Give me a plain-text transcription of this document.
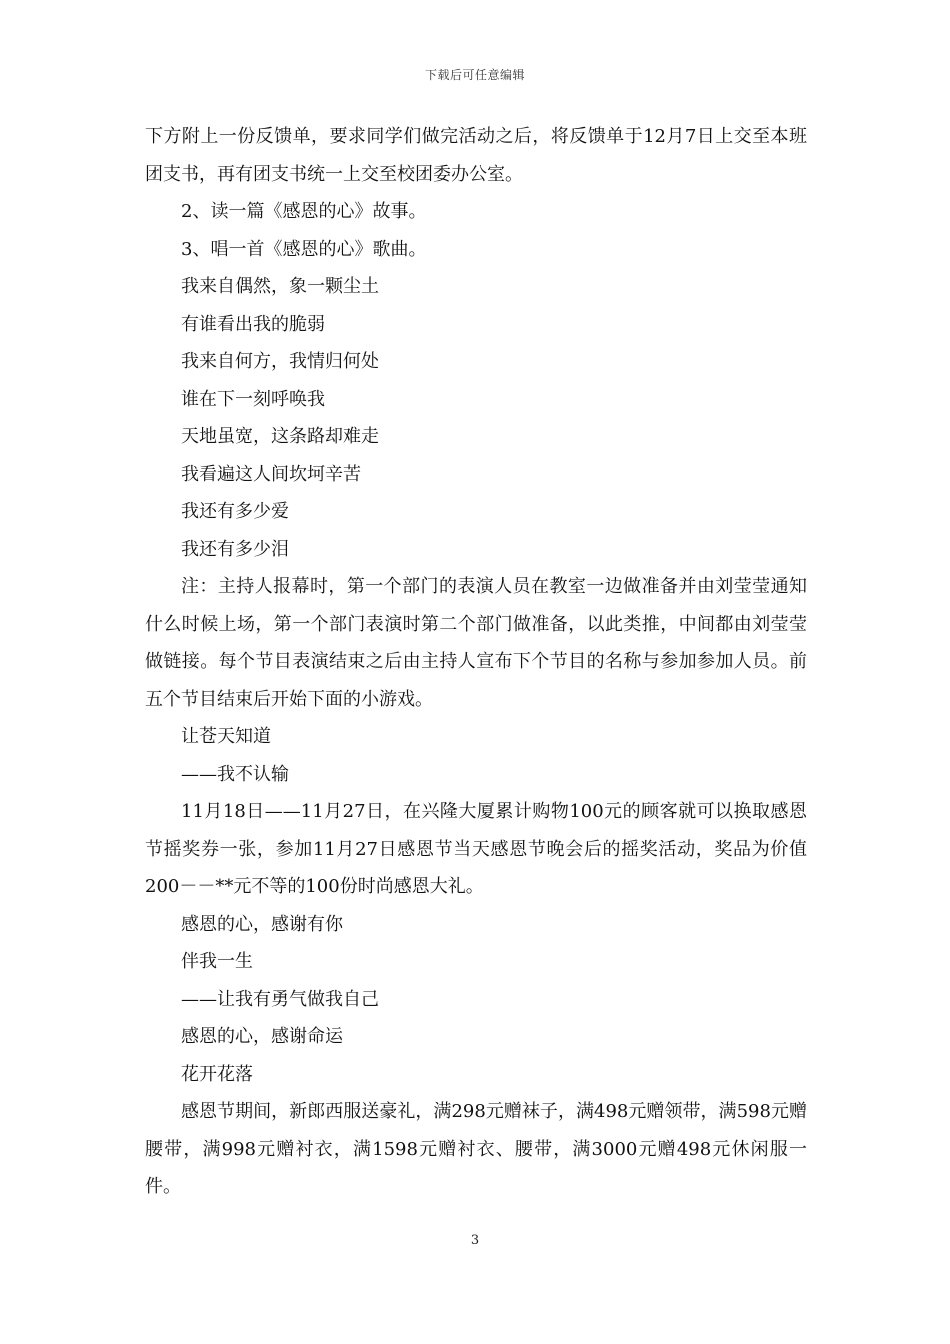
下载后可任意编辑

下方附上一份反馈单，要求同学们做完活动之后，将反馈单于12月7日上交至本班团支书，再有团支书统一上交至校团委办公室。

2、读一篇《感恩的心》故事。

3、唱一首《感恩的心》歌曲。

我来自偶然，象一颗尘土

有谁看出我的脆弱

我来自何方，我情归何处

谁在下一刻呼唤我

天地虽宽，这条路却难走

我看遍这人间坎坷辛苦

我还有多少爱

我还有多少泪

注：主持人报幕时，第一个部门的表演人员在教室一边做准备并由刘莹莹通知什么时候上场，第一个部门表演时第二个部门做准备，以此类推，中间都由刘莹莹做链接。每个节目表演结束之后由主持人宣布下个节目的名称与参加参加人员。前五个节目结束后开始下面的小游戏。

让苍天知道

——我不认输

11月18日——11月27日，在兴隆大厦累计购物100元的顾客就可以换取感恩节摇奖券一张，参加11月27日感恩节当天感恩节晚会后的摇奖活动，奖品为价值200－－**元不等的100份时尚感恩大礼。

感恩的心，感谢有你

伴我一生

——让我有勇气做我自己

感恩的心，感谢命运

花开花落

感恩节期间，新郎西服送豪礼，满298元赠袜子，满498元赠领带，满598元赠腰带，满998元赠衬衣，满1598元赠衬衣、腰带，满3000元赠498元休闲服一件。

3
